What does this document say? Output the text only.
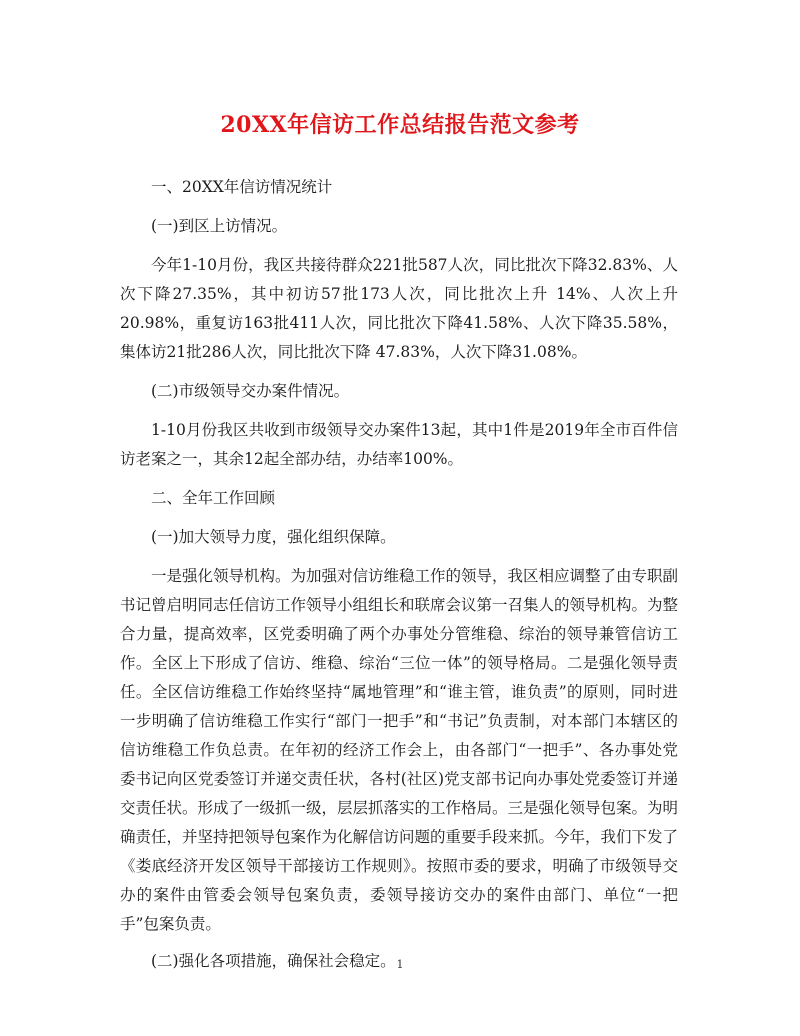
20XX年信访工作总结报告范文参考

一、20XX年信访情况统计

(一)到区上访情况。

今年1-10月份，我区共接待群众221批587人次，同比批次下降32.83%、人次下降27.35%，其中初访57批173人次，同比批次上升 14%、人次上升20.98%，重复访163批411人次，同比批次下降41.58%、人次下降35.58%，集体访21批286人次，同比批次下降 47.83%，人次下降31.08%。

(二)市级领导交办案件情况。

1-10月份我区共收到市级领导交办案件13起，其中1件是2019年全市百件信访老案之一，其余12起全部办结，办结率100%。

二、全年工作回顾

(一)加大领导力度，强化组织保障。

一是强化领导机构。为加强对信访维稳工作的领导，我区相应调整了由专职副书记曾启明同志任信访工作领导小组组长和联席会议第一召集人的领导机构。为整合力量，提高效率，区党委明确了两个办事处分管维稳、综治的领导兼管信访工作。全区上下形成了信访、维稳、综治“三位一体”的领导格局。二是强化领导责任。全区信访维稳工作始终坚持“属地管理”和“谁主管，谁负责”的原则，同时进一步明确了信访维稳工作实行“部门一把手”和“书记”负责制，对本部门本辖区的信访维稳工作负总责。在年初的经济工作会上，由各部门“一把手”、各办事处党委书记向区党委签订并递交责任状，各村(社区)党支部书记向办事处党委签订并递交责任状。形成了一级抓一级，层层抓落实的工作格局。三是强化领导包案。为明确责任，并坚持把领导包案作为化解信访问题的重要手段来抓。今年，我们下发了《娄底经济开发区领导干部接访工作规则》。按照市委的要求，明确了市级领导交办的案件由管委会领导包案负责，委领导接访交办的案件由部门、单位“一把手”包案负责。

(二)强化各项措施，确保社会稳定。 1
